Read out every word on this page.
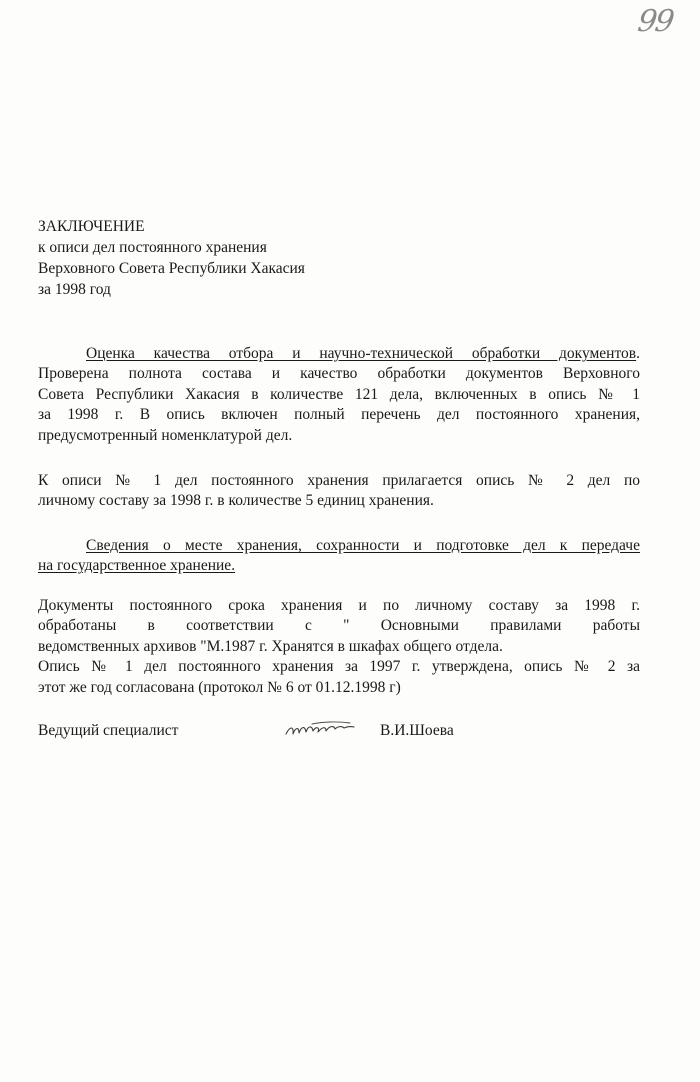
99
ЗАКЛЮЧЕНИЕ
к описи дел постоянного хранения
Верховного Совета Республики Хакасия
за 1998 год
Оценка качества отбора и научно-технической обработки документов.
Проверена полнота состава и качество обработки документов Верховного
Совета Республики Хакасия в количестве 121 дела, включенных в опись № 1
за 1998 г. В опись включен полный перечень дел постоянного хранения,
предусмотренный номенклатурой дел.
К описи № 1 дел постоянного хранения прилагается опись № 2 дел по
личному составу за 1998 г. в количестве 5 единиц хранения.
Сведения о месте хранения, сохранности и подготовке дел к передаче
на государственное хранение.
Документы постоянного срока хранения и по личному составу за 1998 г.
обработаны в соответствии с " Основными правилами работы
ведомственных архивов "М.1987 г. Хранятся в шкафах общего отдела.
Опись № 1 дел постоянного хранения за 1997 г. утверждена, опись № 2 за
этот же год согласована (протокол № 6 от 01.12.1998 г)
Ведущий специалист	В.И.Шоева
